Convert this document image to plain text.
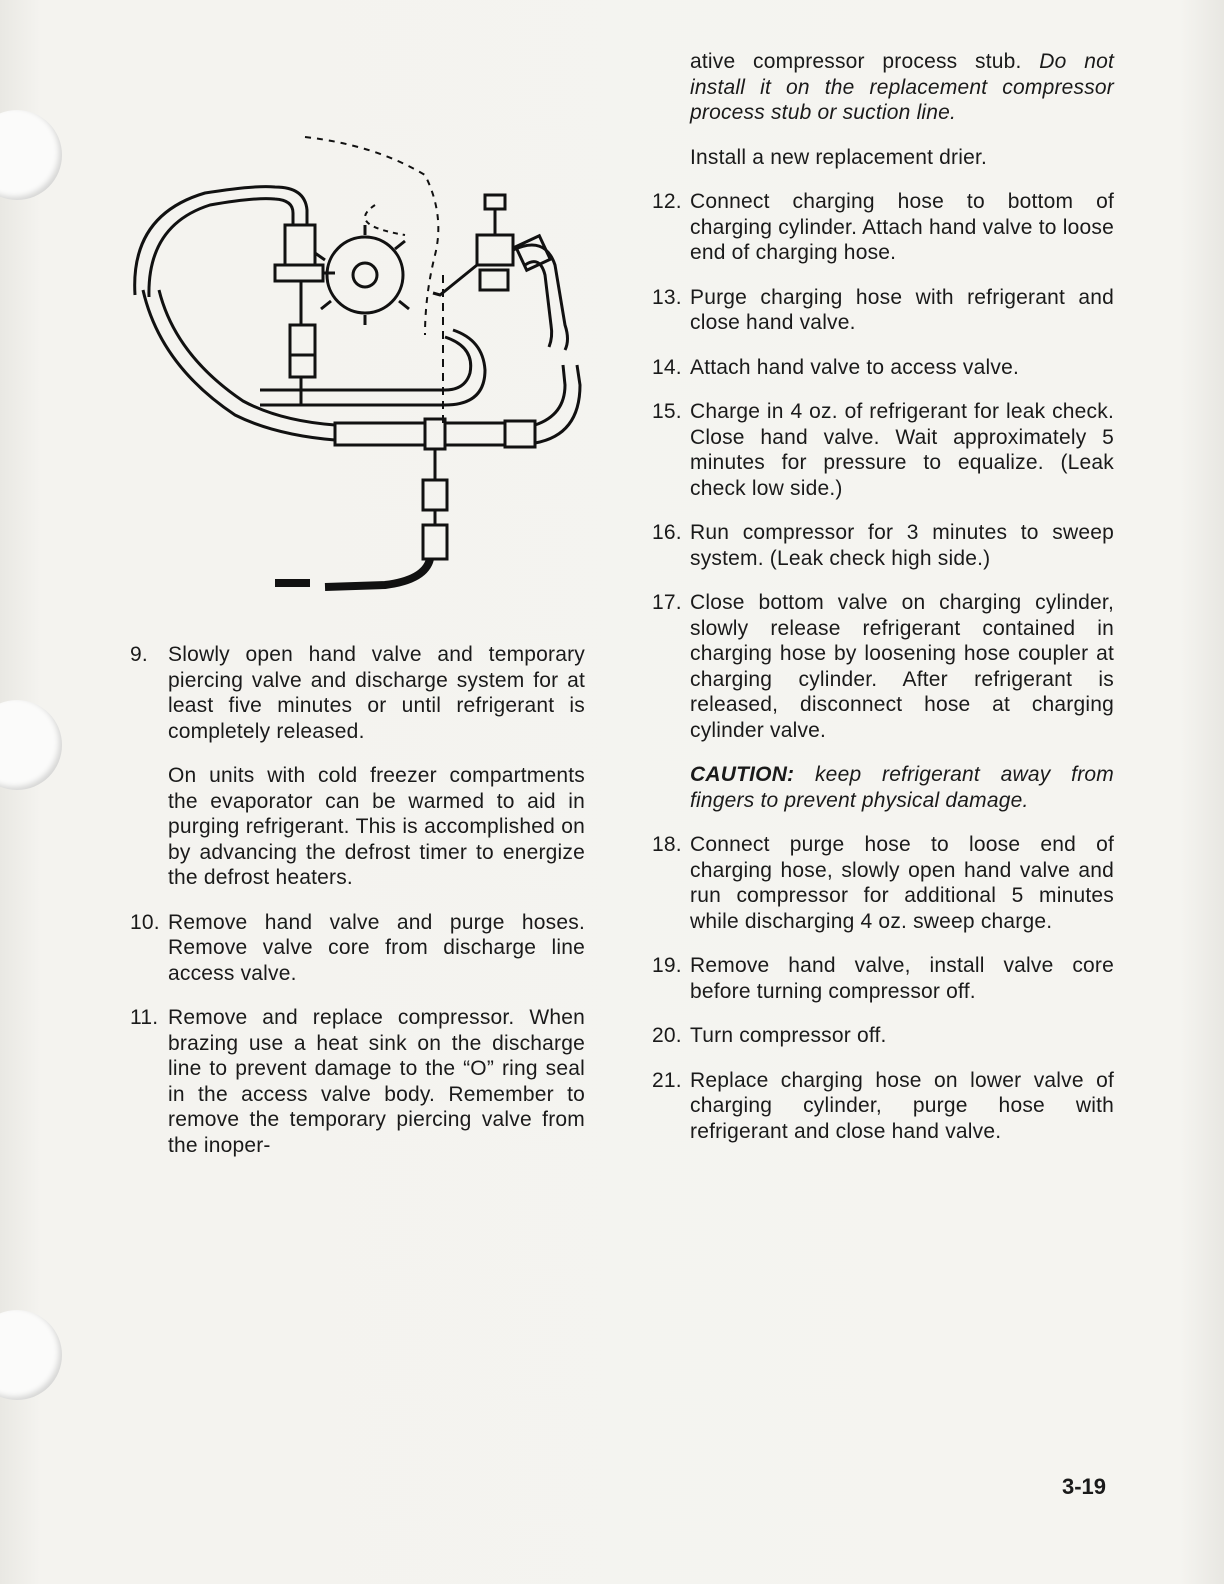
9. Slowly open hand valve and temporary piercing valve and discharge system for at least five minutes or until refrigerant is completely released.
On units with cold freezer compartments the evaporator can be warmed to aid in purging refrigerant. This is accomplished on by advancing the defrost timer to energize the defrost heaters.
10. Remove hand valve and purge hoses. Remove valve core from discharge line access valve.
11. Remove and replace compressor. When brazing use a heat sink on the discharge line to prevent damage to the “O” ring seal in the access valve body. Remember to remove the temporary piercing valve from the inoper-
ative compressor process stub. Do not install it on the replacement compressor process stub or suction line.
Install a new replacement drier.
12. Connect charging hose to bottom of charging cylinder. Attach hand valve to loose end of charging hose.
13. Purge charging hose with refrigerant and close hand valve.
14. Attach hand valve to access valve.
15. Charge in 4 oz. of refrigerant for leak check. Close hand valve. Wait approximately 5 minutes for pressure to equalize. (Leak check low side.)
16. Run compressor for 3 minutes to sweep system. (Leak check high side.)
17. Close bottom valve on charging cylinder, slowly release refrigerant contained in charging hose by loosening hose coupler at charging cylinder. After refrigerant is released, disconnect hose at charging cylinder valve.
CAUTION: keep refrigerant away from fingers to prevent physical damage.
18. Connect purge hose to loose end of charging hose, slowly open hand valve and run compressor for additional 5 minutes while discharging 4 oz. sweep charge.
19. Remove hand valve, install valve core before turning compressor off.
20. Turn compressor off.
21. Replace charging hose on lower valve of charging cylinder, purge hose with refrigerant and close hand valve.
3-19
